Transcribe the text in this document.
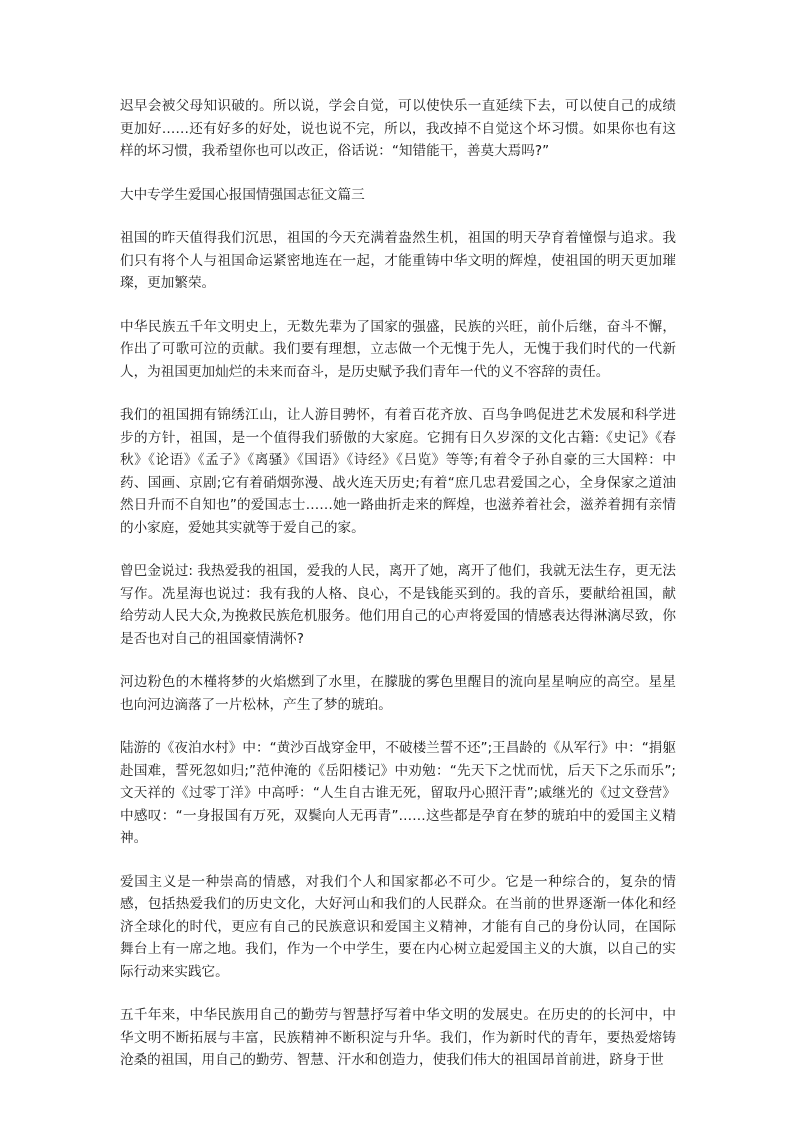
迟早会被父母知识破的。所以说，学会自觉，可以使快乐一直延续下去，可以使自己的成绩更加好……还有好多的好处，说也说不完，所以，我改掉不自觉这个坏习惯。如果你也有这样的坏习惯，我希望你也可以改正，俗话说：“知错能干，善莫大焉吗?”

大中专学生爱国心报国情强国志征文篇三

祖国的昨天值得我们沉思，祖国的今天充满着盎然生机，祖国的明天孕育着憧憬与追求。我们只有将个人与祖国命运紧密地连在一起，才能重铸中华文明的辉煌，使祖国的明天更加璀璨，更加繁荣。

中华民族五千年文明史上，无数先辈为了国家的强盛，民族的兴旺，前仆后继，奋斗不懈，作出了可歌可泣的贡献。我们要有理想，立志做一个无愧于先人，无愧于我们时代的一代新人，为祖国更加灿烂的未来而奋斗，是历史赋予我们青年一代的义不容辞的责任。

我们的祖国拥有锦绣江山，让人游目骋怀，有着百花齐放、百鸟争鸣促进艺术发展和科学进步的方针，祖国，是一个值得我们骄傲的大家庭。它拥有日久岁深的文化古籍:《史记》《春秋》《论语》《孟子》《离骚》《国语》《诗经》《吕览》等等;有着令子孙自豪的三大国粹：中药、国画、京剧;它有着硝烟弥漫、战火连天历史;有着“庶几忠君爱国之心，全身保家之道油然日升而不自知也”的爱国志士……她一路曲折走来的辉煌，也滋养着社会，滋养着拥有亲情的小家庭，爱她其实就等于爱自己的家。

曾巴金说过: 我热爱我的祖国，爱我的人民，离开了她，离开了他们，我就无法生存，更无法写作。冼星海也说过：我有我的人格、良心，不是钱能买到的。我的音乐，要献给祖国，献给劳动人民大众,为挽救民族危机服务。他们用自己的心声将爱国的情感表达得淋漓尽致，你是否也对自己的祖国豪情满怀?

河边粉色的木槿将梦的火焰燃到了水里，在朦胧的雾色里醒目的流向星星响应的高空。星星也向河边滴落了一片松林，产生了梦的琥珀。

陆游的《夜泊水村》中：“黄沙百战穿金甲，不破楼兰誓不还”;王昌龄的《从军行》中：“捐躯赴国难，誓死忽如归;”范仲淹的《岳阳楼记》中劝勉：“先天下之忧而忧，后天下之乐而乐”;文天祥的《过零丁洋》中高呼：“人生自古谁无死，留取丹心照汗青”;戚继光的《过文登营》中感叹：“一身报国有万死，双鬓向人无再青”……这些都是孕育在梦的琥珀中的爱国主义精神。

爱国主义是一种崇高的情感，对我们个人和国家都必不可少。它是一种综合的，复杂的情感，包括热爱我们的历史文化，大好河山和我们的人民群众。在当前的世界逐渐一体化和经济全球化的时代，更应有自己的民族意识和爱国主义精神，才能有自己的身份认同，在国际舞台上有一席之地。我们，作为一个中学生，要在内心树立起爱国主义的大旗，以自己的实际行动来实践它。

五千年来，中华民族用自己的勤劳与智慧抒写着中华文明的发展史。在历史的的长河中，中华文明不断拓展与丰富，民族精神不断积淀与升华。我们，作为新时代的青年，要热爱熔铸沧桑的祖国，用自己的勤劳、智慧、汗水和创造力，使我们伟大的祖国昂首前进，跻身于世
